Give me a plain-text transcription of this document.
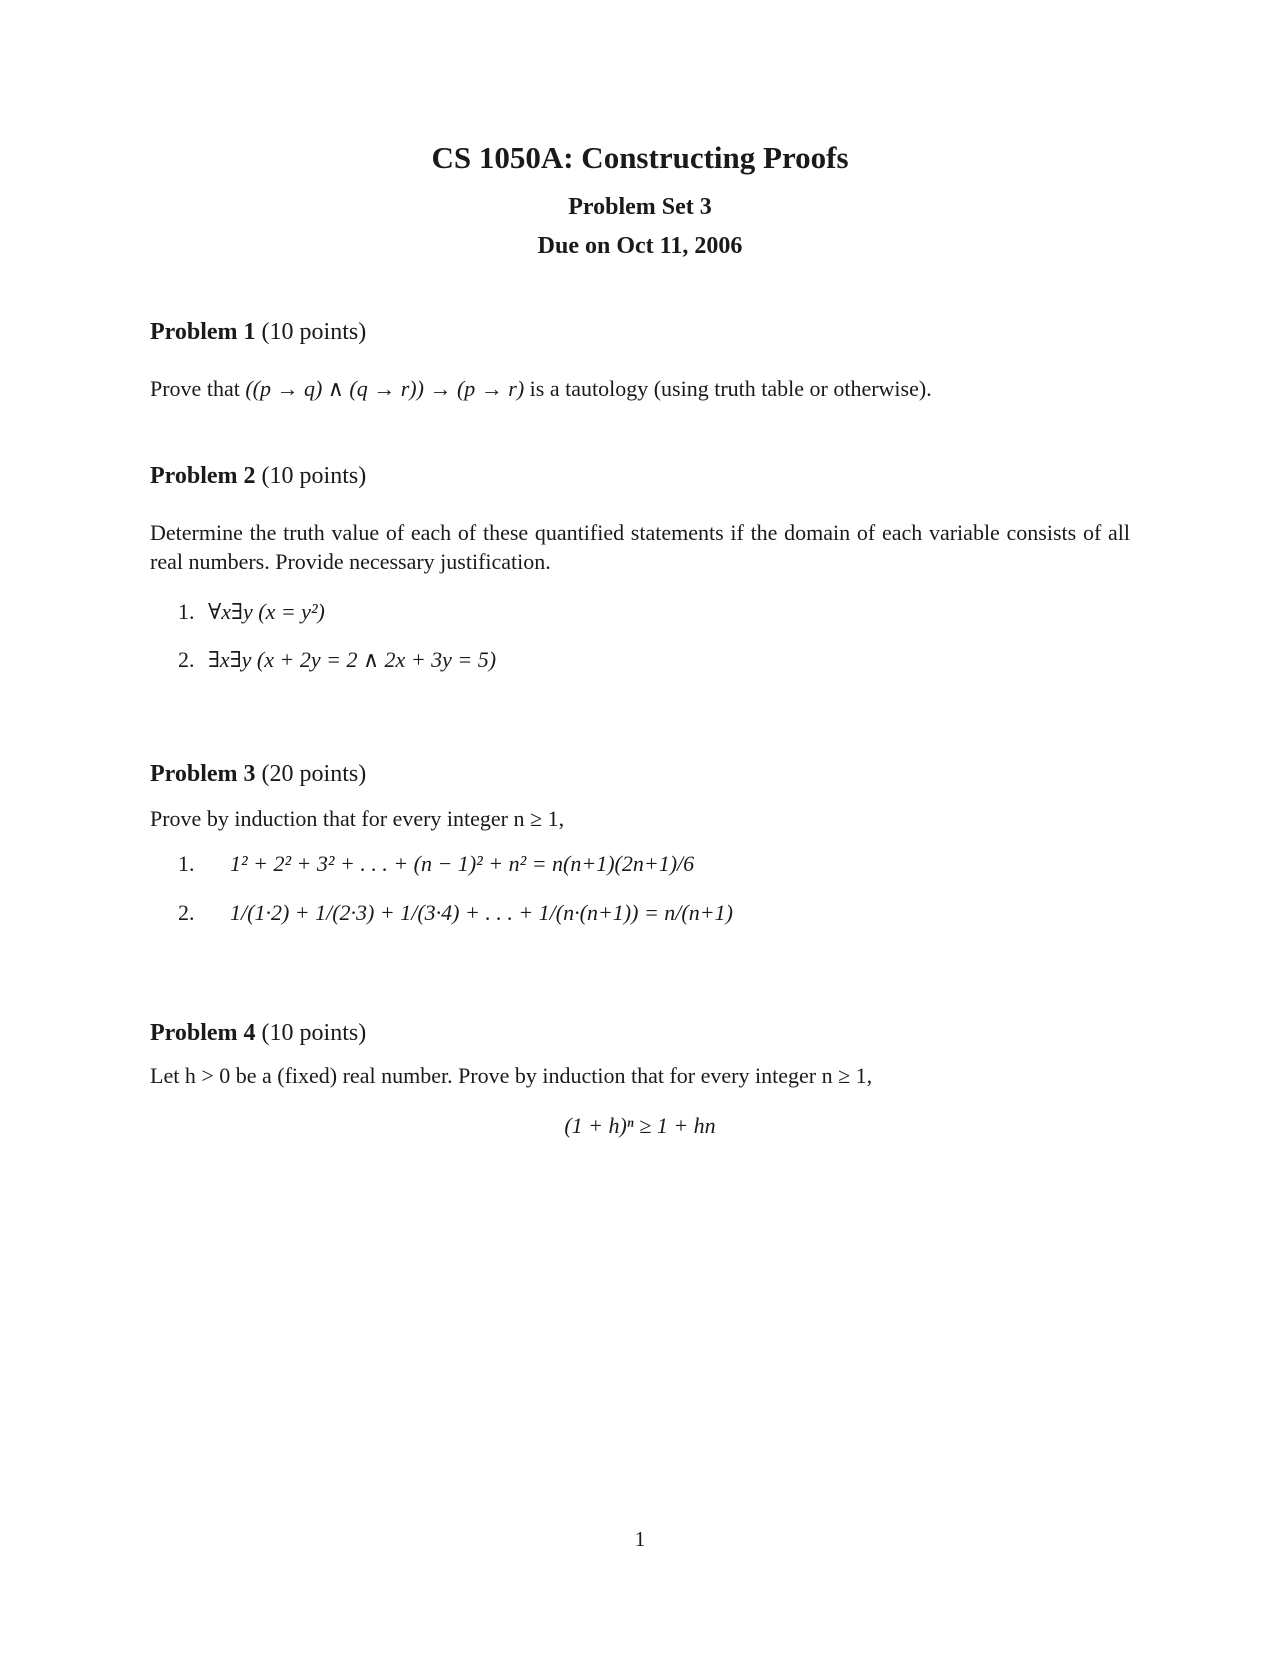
CS 1050A: Constructing Proofs
Problem Set 3
Due on Oct 11, 2006
Problem 1 (10 points)
Prove that ((p → q) ∧ (q → r)) → (p → r) is a tautology (using truth table or otherwise).
Problem 2 (10 points)
Determine the truth value of each of these quantified statements if the domain of each variable consists of all real numbers. Provide necessary justification.
1. ∀x∃y (x = y²)
2. ∃x∃y (x + 2y = 2 ∧ 2x + 3y = 5)
Problem 3 (20 points)
Prove by induction that for every integer n ≥ 1,
1. 1² + 2² + 3² + . . . + (n − 1)² + n² = n(n+1)(2n+1)/6
2. 1/(1·2) + 1/(2·3) + 1/(3·4) + . . . + 1/(n·(n+1)) = n/(n+1)
Problem 4 (10 points)
Let h > 0 be a (fixed) real number. Prove by induction that for every integer n ≥ 1,
(1 + h)ⁿ ≥ 1 + hn
1
